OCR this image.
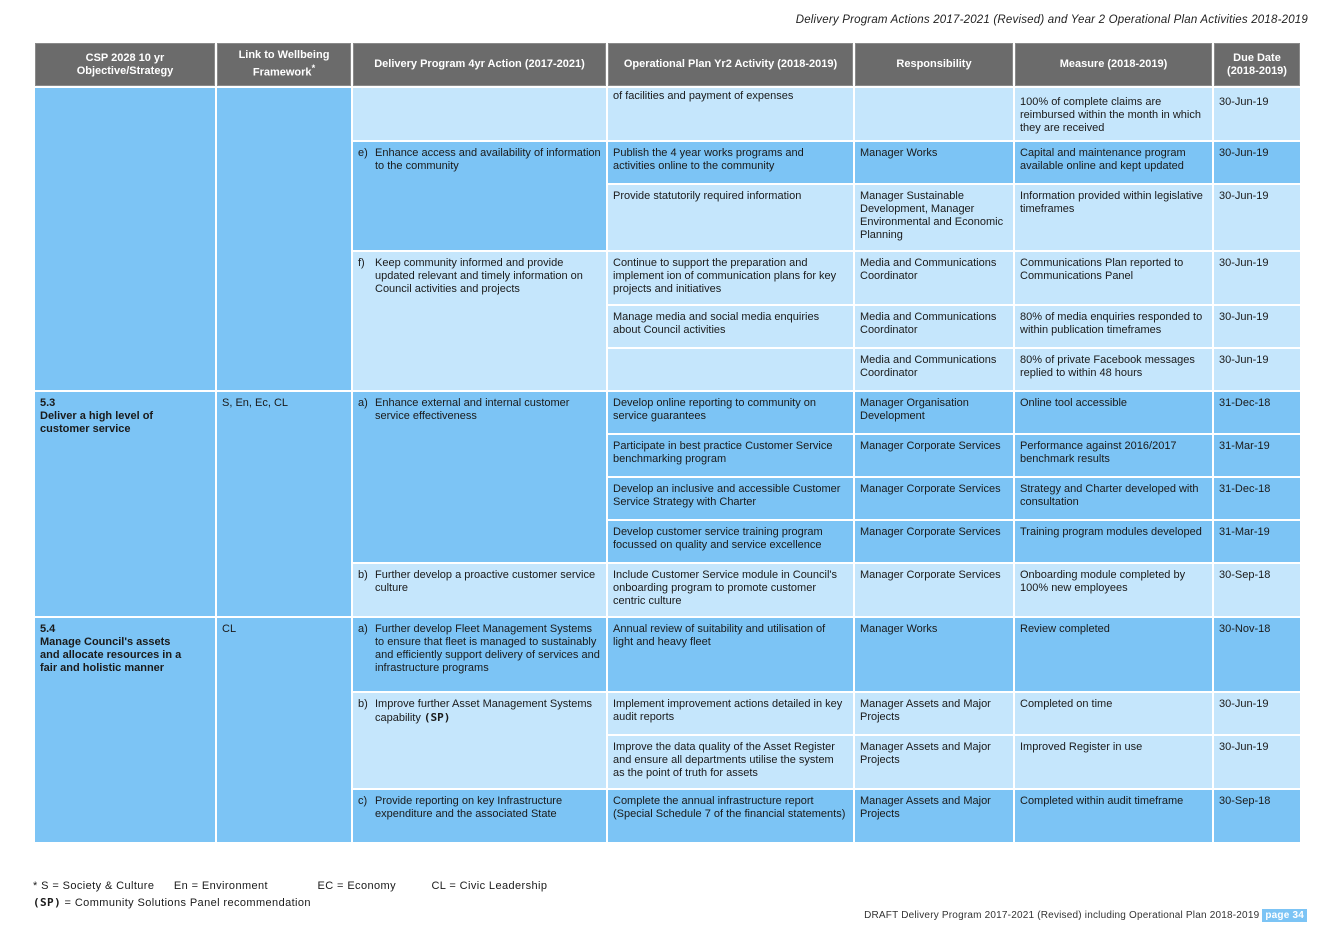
Delivery Program Actions 2017-2021 (Revised) and Year 2 Operational Plan Activities 2018-2019
CSP 2028 10 yr Objective/Strategy	Link to Wellbeing Framework*	Delivery Program 4yr Action (2017-2021)	Operational Plan Yr2 Activity (2018-2019)	Responsibility	Measure (2018-2019)	Due Date (2018-2019)
			of facilities and payment of expenses		100% of complete claims are reimbursed within the month in which they are received	30-Jun-19

		e) Enhance access and availability of information to the community	Publish the 4 year works programs and activities online to the community	Manager Works	Capital and maintenance program available online and kept updated	30-Jun-19
			Provide statutorily required information	Manager Sustainable Development, Manager Environmental and Economic Planning	Information provided within legislative timeframes	30-Jun-19

		f) Keep community informed and provide updated relevant and timely information on Council activities and projects	Continue to support the preparation and implement ion of communication plans for key projects and initiatives	Media and Communications Coordinator	Communications Plan reported to Communications Panel	30-Jun-19
			Manage media and social media enquiries about Council activities	Media and Communications Coordinator	80% of media enquiries responded to within publication timeframes	30-Jun-19
				Media and Communications Coordinator	80% of private Facebook messages replied to within 48 hours	30-Jun-19

5.3Deliver a high level of customer service	S, En, Ec, CL	a) Enhance external and internal customer service effectiveness	Develop online reporting to community on service guarantees	Manager Organisation Development	Online tool accessible	31-Dec-18
			Participate in best practice Customer Service benchmarking program	Manager Corporate Services	Performance against 2016/2017 benchmark results	31-Mar-19
			Develop an inclusive and accessible Customer Service Strategy with Charter	Manager Corporate Services	Strategy and Charter developed with consultation	31-Dec-18
			Develop customer service training program focussed on quality and service excellence	Manager Corporate Services	Training program modules developed	31-Mar-19

		b) Further develop a proactive customer service culture	Include Customer Service module in Council's onboarding program to promote customer centric culture	Manager Corporate Services	Onboarding module completed by 100% new employees	30-Sep-18

5.4Manage Council's assets and allocate resources in a fair and holistic manner	CL	a) Further develop Fleet Management Systems to ensure that fleet is managed to sustainably and efficiently support delivery of services and infrastructure programs	Annual review of suitability and utilisation of light and heavy fleet	Manager Works	Review completed	30-Nov-18

		b) Improve further Asset Management Systems capability (SP)	Implement improvement actions detailed in key audit reports	Manager Assets and Major Projects	Completed on time	30-Jun-19
			Improve the data quality of the Asset Register and ensure all departments utilise the system as the point of truth for assets	Manager Assets and Major Projects	Improved Register in use	30-Jun-19

		c) Provide reporting on key Infrastructure expenditure and the associated State	Complete the annual infrastructure report (Special Schedule 7 of the financial statements)	Manager Assets and Major Projects	Completed within audit timeframe	30-Sep-18
* S = Society & Culture En = Environment	EC = Economy	CL = Civic Leadership
(SP) = Community Solutions Panel recommendation
DRAFT Delivery Program 2017-2021 (Revised) including Operational Plan 2018-2019 page 34
